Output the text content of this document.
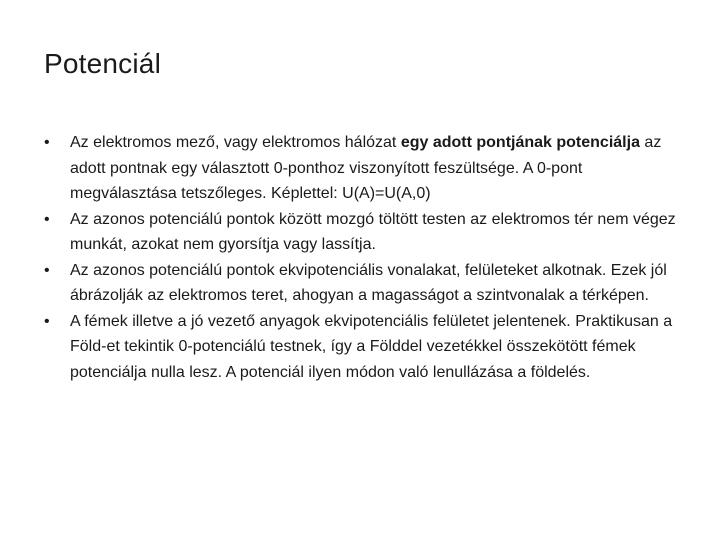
Potenciál
•	Az elektromos mező, vagy elektromos hálózat egy adott pontjának potenciálja az adott pontnak egy választott 0-ponthoz viszonyított feszültsége. A 0-pont megválasztása tetszőleges. Képlettel: U(A)=U(A,0)
•	Az azonos potenciálú pontok között mozgó töltött testen az elektromos tér nem végez munkát, azokat nem gyorsítja vagy lassítja.
•	Az azonos potenciálú pontok ekvipotenciális vonalakat, felületeket alkotnak. Ezek jól ábrázolják az elektromos teret, ahogyan a magasságot a szintvonalak a térképen.
•	A fémek illetve a jó vezető anyagok ekvipotenciális felületet jelentenek. Praktikusan a Föld-et tekintik 0-potenciálú testnek, így a Földdel vezetékkel összekötött fémek potenciálja nulla lesz. A potenciál ilyen módon való lenullázása a földelés.
